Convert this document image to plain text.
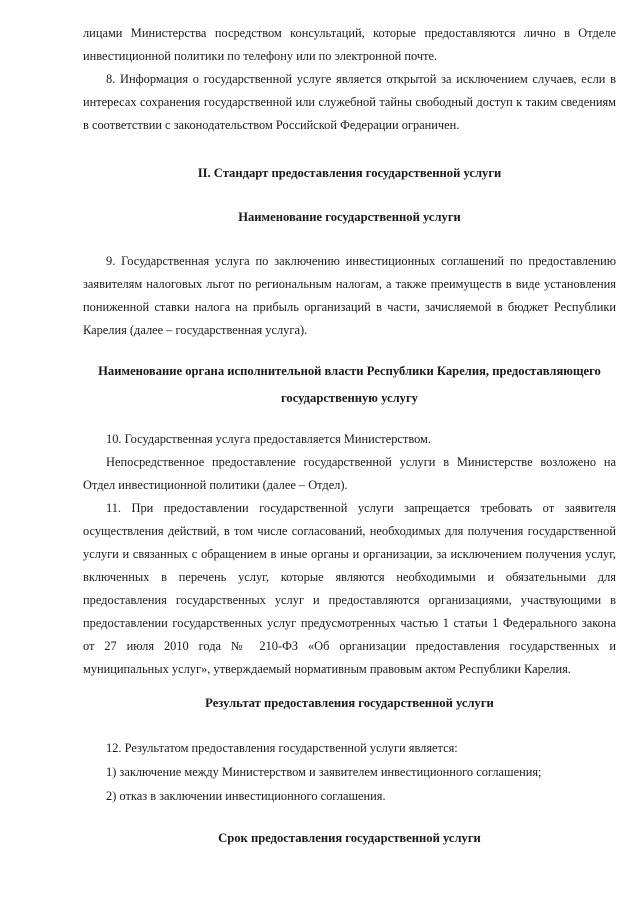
лицами Министерства посредством консультаций, которые предоставляются лично в Отделе инвестиционной политики по телефону или по электронной почте.

8. Информация о государственной услуге является открытой за исключением случаев, если в интересах сохранения государственной или служебной тайны свободный доступ к таким сведениям в соответствии с законодательством Российской Федерации ограничен.

II. Стандарт предоставления государственной услуги

Наименование государственной услуги

9. Государственная услуга по заключению инвестиционных соглашений по предоставлению заявителям налоговых льгот по региональным налогам, а также преимуществ в виде установления пониженной ставки налога на прибыль организаций в части, зачисляемой в бюджет Республики Карелия (далее – государственная услуга).

Наименование органа исполнительной власти Республики Карелия, предоставляющего государственную услугу

10. Государственная услуга предоставляется Министерством.

Непосредственное предоставление государственной услуги в Министерстве возложено на Отдел инвестиционной политики (далее – Отдел).

11. При предоставлении государственной услуги запрещается требовать от заявителя осуществления действий, в том числе согласований, необходимых для получения государственной услуги и связанных с обращением в иные органы и организации, за исключением получения услуг, включенных в перечень услуг, которые являются необходимыми и обязательными для предоставления государственных услуг и предоставляются организациями, участвующими в предоставлении государственных услуг предусмотренных частью 1 статьи 1 Федерального закона от 27 июля 2010 года № 210-ФЗ «Об организации предоставления государственных и муниципальных услуг», утверждаемый нормативным правовым актом Республики Карелия.

Результат предоставления государственной услуги

12. Результатом предоставления государственной услуги является:

1) заключение между Министерством и заявителем инвестиционного соглашения;

2) отказ в заключении инвестиционного соглашения.

Срок предоставления государственной услуги
